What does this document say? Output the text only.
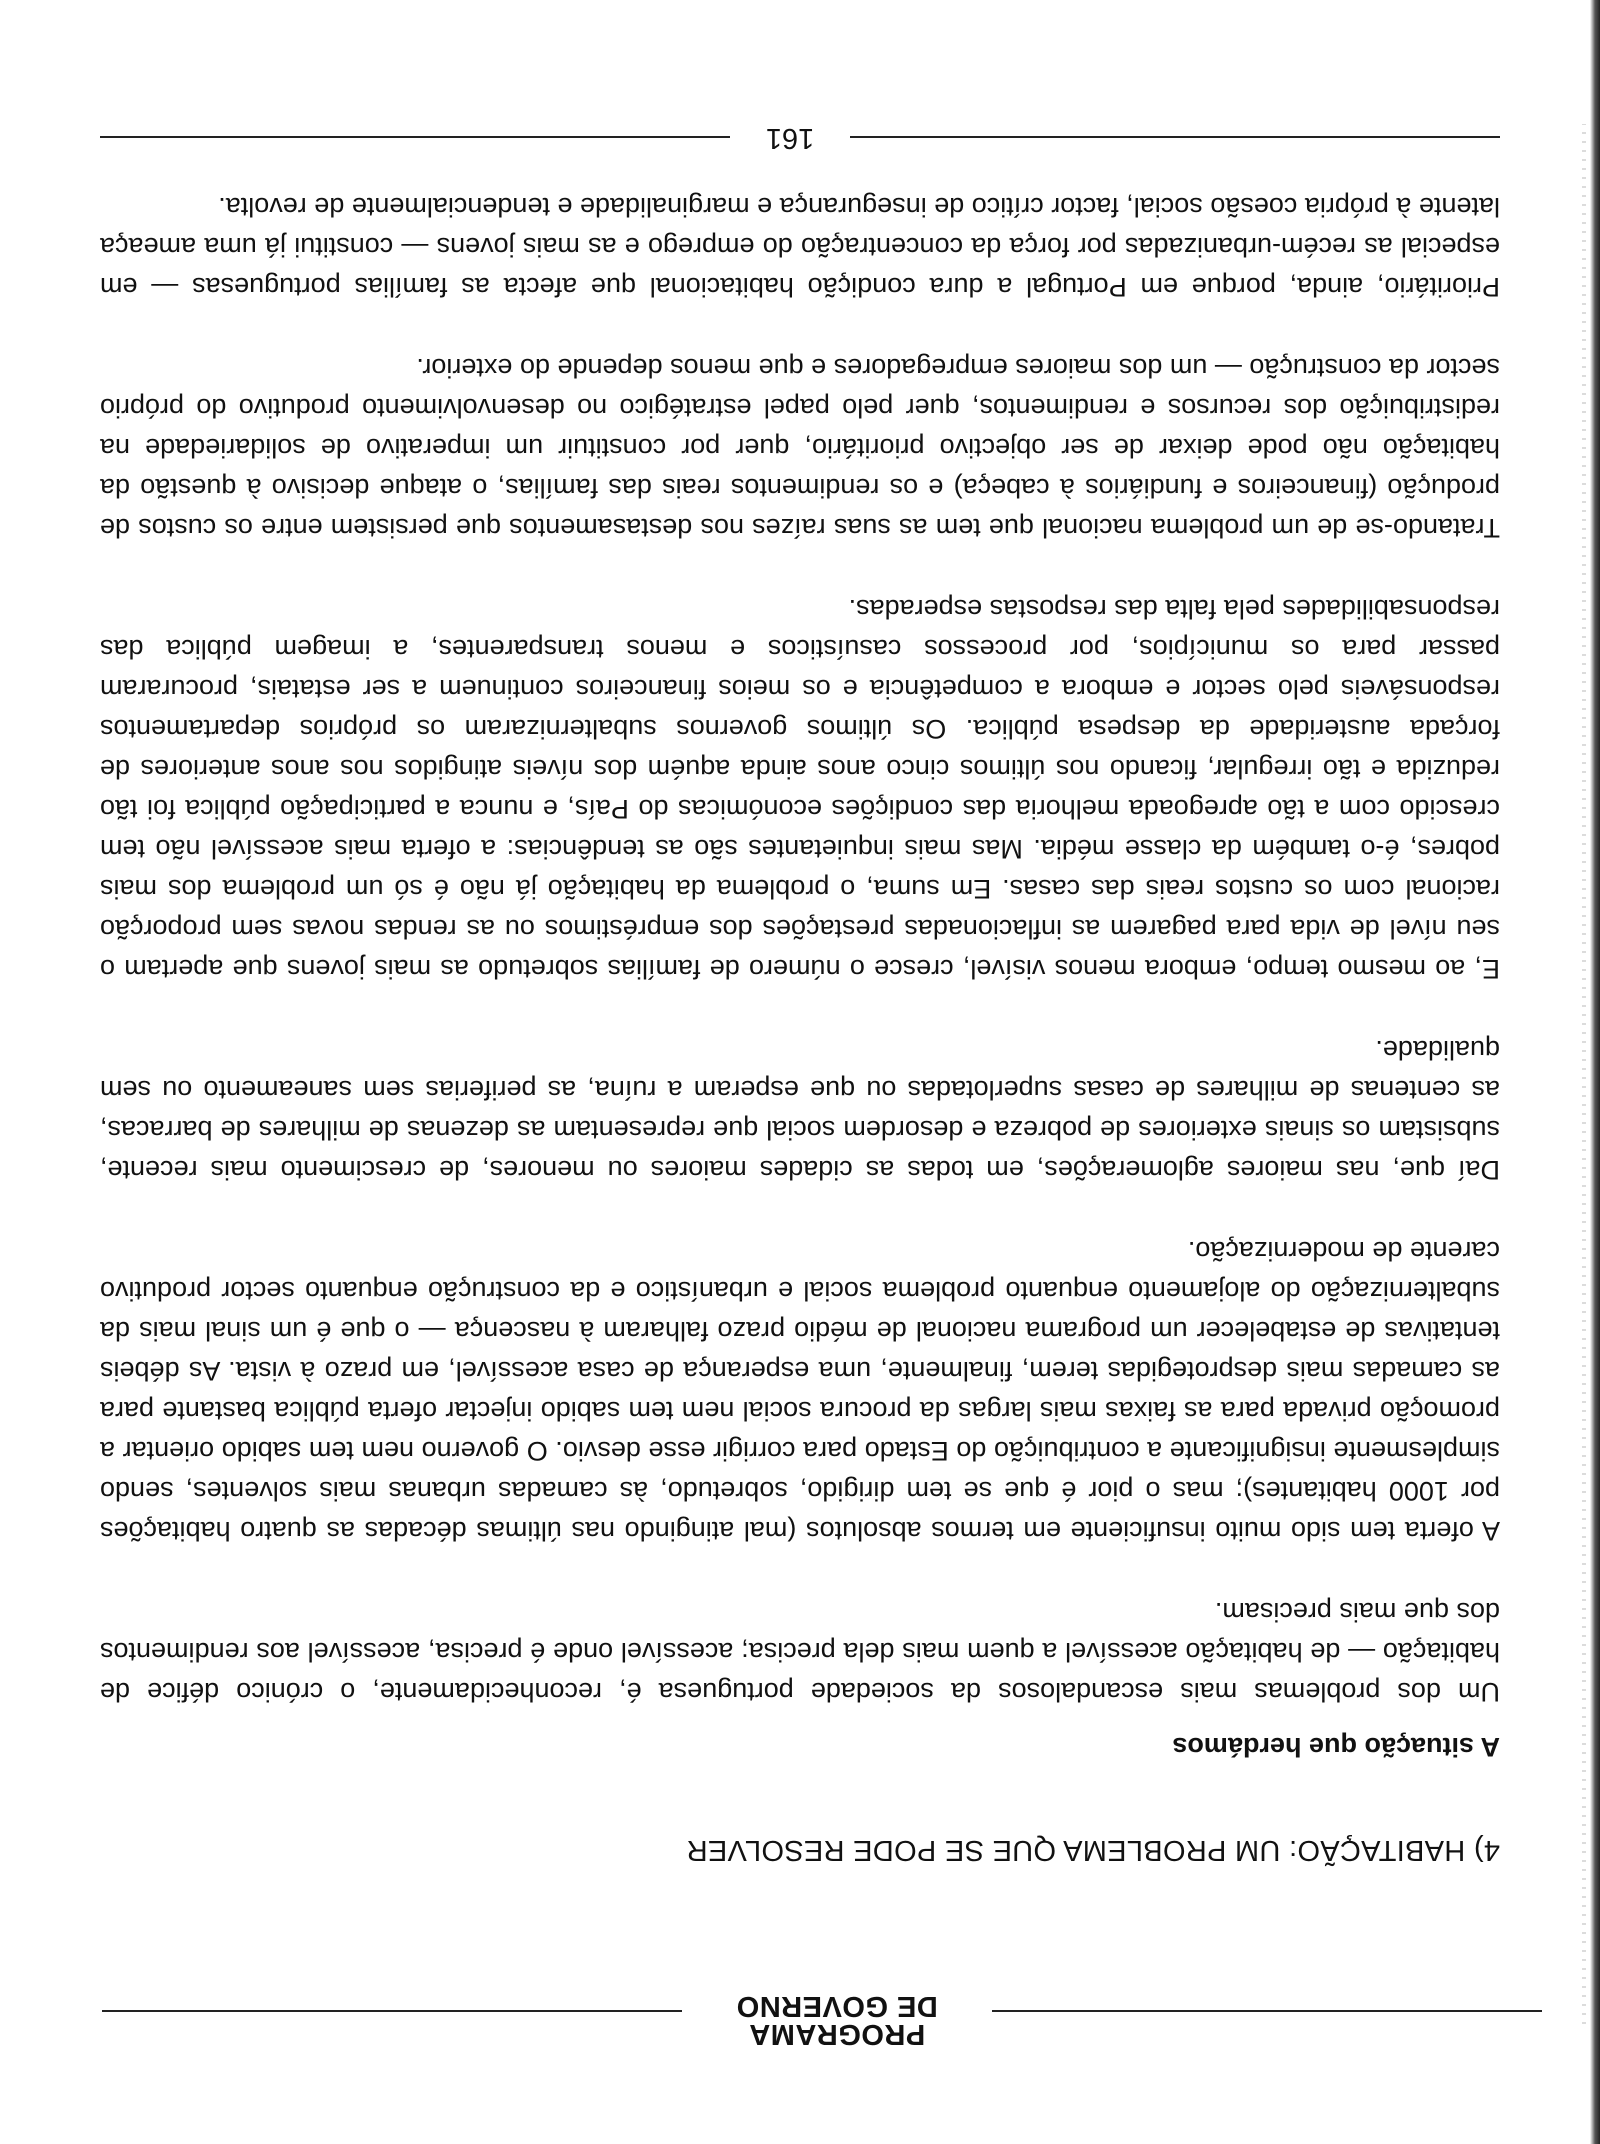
PROGRAMA
DE GOVERNO
4) HABITAÇÃO: UM PROBLEMA QUE SE PODE RESOLVER
A situação que herdámos

Um dos problemas mais escandalosos da sociedade portuguesa é, reconhecidamente, o crónico défice de habitação — de habitação acessível a quem mais dela precisa; acessível onde é precisa, acessível aos rendimentos dos que mais precisam.

A oferta tem sido muito insuficiente em termos absolutos (mal atingindo nas últimas décadas as quatro habitações por 1000 habitantes); mas o pior é que se tem dirigido, sobretudo, às camadas urbanas mais solventes, sendo simplesmente insignificante a contribuição do Estado para corrigir esse desvio. O governo nem tem sabido orientar a promoção privada para as faixas mais largas da procura social nem tem sabido injectar oferta pública bastante para as camadas mais desprotegidas terem, finalmente, uma esperança de casa acessível, em prazo à vista. As débeis tentativas de estabelecer um programa nacional de médio prazo falharam à nascença — o que é um sinal mais da subalternização do alojamento enquanto problema social e urbanístico e da construção enquanto sector produtivo carente de modernização.

Daí que, nas maiores aglomerações, em todas as cidades maiores ou menores, de crescimento mais recente, subsistam os sinais exteriores de pobreza e desordem social que representam as dezenas de milhares de barracas, as centenas de milhares de casas superlotadas ou que esperam a ruína, as periferias sem saneamento ou sem qualidade.

E, ao mesmo tempo, embora menos visível, cresce o número de famílias sobretudo as mais jovens que apertam o seu nível de vida para pagarem as inflacionadas prestações dos empréstimos ou as rendas novas sem proporção racional com os custos reais das casas. Em suma, o problema da habitação já não é só um problema dos mais pobres, é-o também da classe média. Mas mais inquietantes são as tendências: a oferta mais acessível não tem crescido com a tão apregoada melhoria das condições económicas do País, e nunca a participação pública foi tão reduzida e tão irregular, ficando nos últimos cinco anos ainda aquém dos níveis atingidos nos anos anteriores de forçada austeridade da despesa pública. Os últimos governos subalternizaram os próprios departamentos responsáveis pelo sector e embora a competência e os meios financeiros continuem a ser estatais, procuraram passar para os municípios, por processos casuísticos e menos transparentes, a imagem pública das responsabilidades pela falta das respostas esperadas.

Tratando-se de um problema nacional que tem as suas raízes nos destasamentos que persistem entre os custos de produção (financeiros e fundiários à cabeça) e os rendimentos reais das famílias, o ataque decisivo à questão da habitação não pode deixar de ser objectivo prioritário, quer por constituir um imperativo de solidariedade na redistribuição dos recursos e rendimentos, quer pelo papel estratégico no desenvolvimento produtivo do próprio sector da construção — um dos maiores empregadores e que menos depende do exterior.

Prioritário, ainda, porque em Portugal a dura condição habitacional que afecta as famílias portuguesas — em especial as recém-urbanizadas por força da concentração do emprego e as mais jovens — constitui já uma ameaça latente à própria coesão social, factor crítico de insegurança e marginalidade e tendencialmente de revolta.

161
